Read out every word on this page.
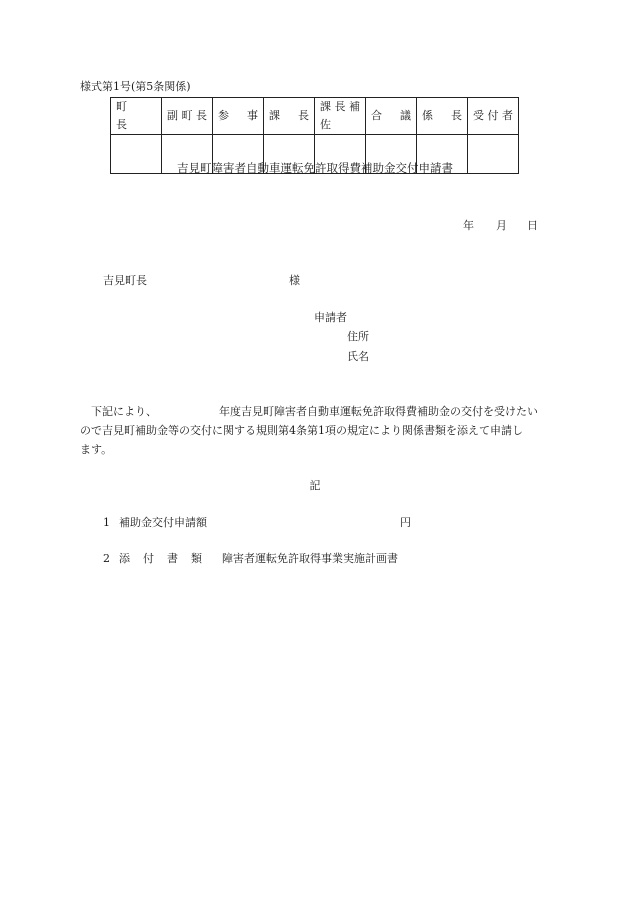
様式第1号(第5条関係)
町　　長	副町長	参　事	課　長	課長補佐	合　議	係　長	受付者

吉見町障害者自動車運転免許取得費補助金交付申請書
年 月 日
吉見町長	様
申請者
住所
氏名
　下記により、	年度吉見町障害者自動車運転免許取得費補助金の交付を受けたい
ので吉見町補助金等の交付に関する規則第4条第1項の規定により関係書類を添えて申請し
ます。
記
1 補助金交付申請額	円
2 添付書類 障害者運転免許取得事業実施計画書
